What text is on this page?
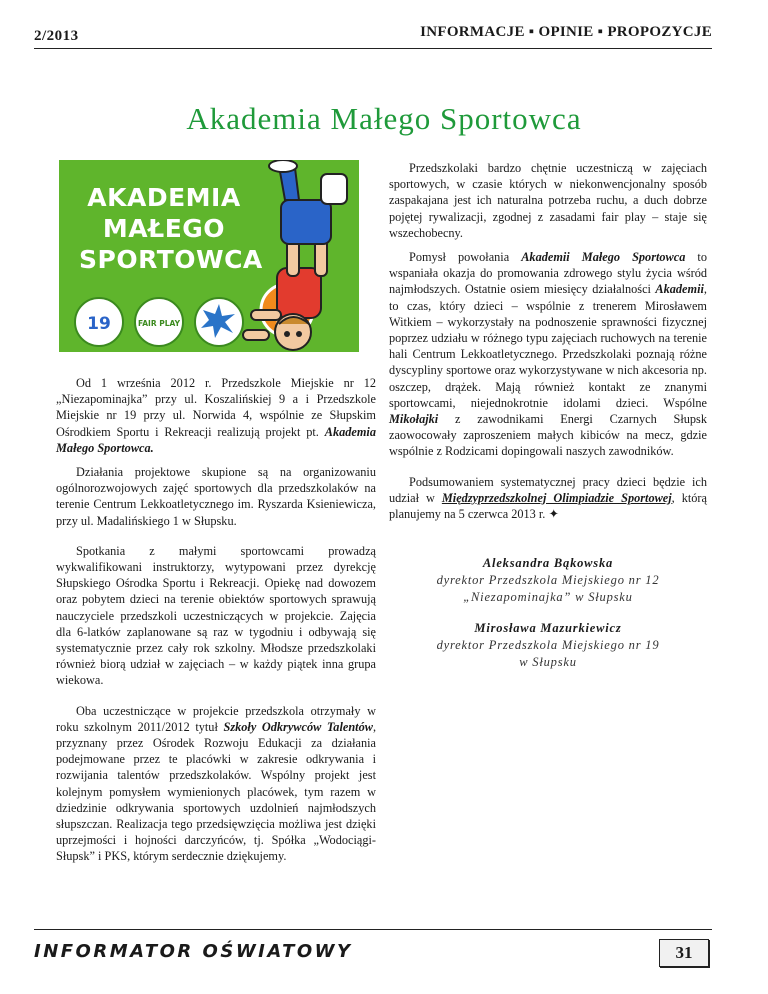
2/2013	INFORMACJE ▪ OPINIE ▪ PROPOZYCJE
Akademia Małego Sportowca
AKADEMIA
MAŁEGO
SPORTOWCA
19	FAIR PLAY

Od 1 września 2012 r. Przedszkole Miejskie nr 12 „Niezapominajka” przy ul. Koszalińskiej 9 a i Przedszkole Miejskie nr 19 przy ul. Norwida 4, wspólnie ze Słupskim Ośrodkiem Sportu i Rekreacji realizują projekt pt. Akademia Małego Sportowca.

Działania projektowe skupione są na organizowaniu ogólnorozwojowych zajęć sportowych dla przedszkolaków na terenie Centrum Lekkoatletycznego im. Ryszarda Ksieniewicza, przy ul. Madalińskiego 1 w Słupsku.

Spotkania z małymi sportowcami prowadzą wykwalifikowani instruktorzy, wytypowani przez dyrekcję Słupskiego Ośrodka Sportu i Rekreacji. Opiekę nad dowozem oraz pobytem dzieci na terenie obiektów sportowych sprawują nauczyciele przedszkoli uczestniczących w projekcie. Zajęcia dla 6-latków zaplanowane są raz w tygodniu i odbywają się systematycznie przez cały rok szkolny. Młodsze przedszkolaki również biorą udział w zajęciach – w każdy piątek inna grupa wiekowa.

Oba uczestniczące w projekcie przedszkola otrzymały w roku szkolnym 2011/2012 tytuł Szkoły Odkrywców Talentów, przyznany przez Ośrodek Rozwoju Edukacji za działania podejmowane przez te placówki w zakresie odkrywania i rozwijania talentów przedszkolaków. Wspólny projekt jest kolejnym pomysłem wymienionych placówek, tym razem w dziedzinie odkrywania sportowych uzdolnień najmłodszych słupszczan. Realizacja tego przedsięwzięcia możliwa jest dzięki uprzejmości i hojności darczyńców, tj. Spółka „Wodociągi-Słupsk” i PKS, którym serdecznie dziękujemy.

Przedszkolaki bardzo chętnie uczestniczą w zajęciach sportowych, w czasie których w niekonwencjonalny sposób zaspakajana jest ich naturalna potrzeba ruchu, a duch dobrze pojętej rywalizacji, zgodnej z zasadami fair play – staje się wszechobecny.

Pomysł powołania Akademii Małego Sportowca to wspaniała okazja do promowania zdrowego stylu życia wśród najmłodszych. Ostatnie osiem miesięcy działalności Akademii, to czas, który dzieci – wspólnie z trenerem Mirosławem Witkiem – wykorzystały na podnoszenie sprawności fizycznej poprzez udziału w różnego typu zajęciach ruchowych na terenie hali Centrum Lekkoatletycznego. Przedszkolaki poznają różne dyscypliny sportowe oraz wykorzystywane w nich akcesoria np. oszczep, drążek. Mają również kontakt ze znanymi sportowcami, niejednokrotnie idolami dzieci. Wspólne Mikołajki z zawodnikami Energi Czarnych Słupsk zaowocowały zaproszeniem małych kibiców na mecz, gdzie wspólnie z Rodzicami dopingowali naszych zawodników.

Podsumowaniem systematycznej pracy dzieci będzie ich udział w Międzyprzedszkolnej Olimpiadzie Sportowej, którą planujemy na 5 czerwca 2013 r. ✦

Aleksandra Bąkowska
dyrektor Przedszkola Miejskiego nr 12
„Niezapominajka” w Słupsku
Mirosława Mazurkiewicz
dyrektor Przedszkola Miejskiego nr 19
w Słupsku
INFORMATOR OŚWIATOWY	31
